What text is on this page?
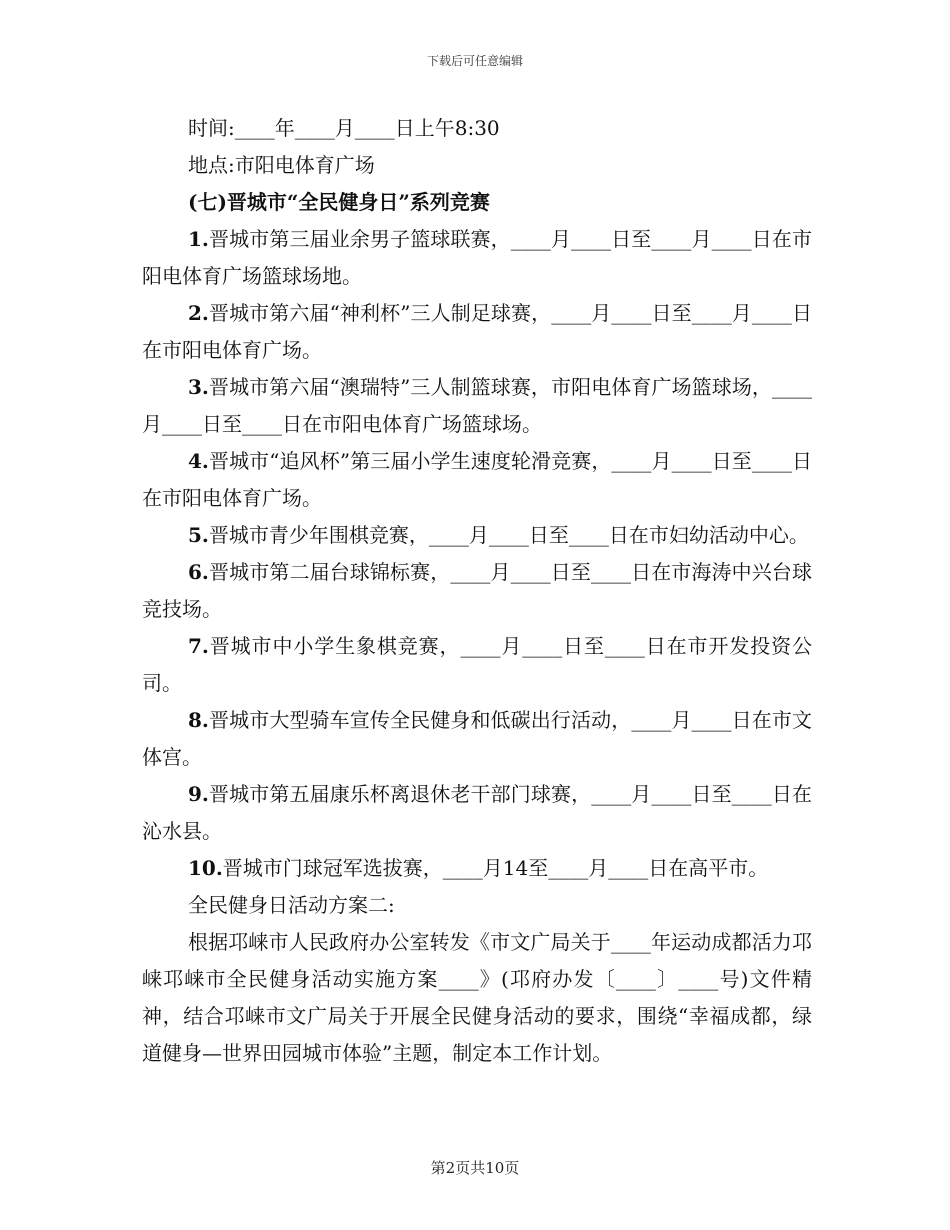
下载后可任意编辑

时间:____年____月____日上午8:30

地点:市阳电体育广场

(七)晋城市“全民健身日”系列竞赛

1.晋城市第三届业余男子篮球联赛，____月____日至____月____日在市阳电体育广场篮球场地。

2.晋城市第六届“神利杯”三人制足球赛，____月____日至____月____日在市阳电体育广场。

3.晋城市第六届“澳瑞特”三人制篮球赛，市阳电体育广场篮球场，____月____日至____日在市阳电体育广场篮球场。

4.晋城市“追风杯”第三届小学生速度轮滑竞赛，____月____日至____日在市阳电体育广场。

5.晋城市青少年围棋竞赛，____月____日至____日在市妇幼活动中心。

6.晋城市第二届台球锦标赛，____月____日至____日在市海涛中兴台球竞技场。

7.晋城市中小学生象棋竞赛，____月____日至____日在市开发投资公司。

8.晋城市大型骑车宣传全民健身和低碳出行活动，____月____日在市文体宫。

9.晋城市第五届康乐杯离退休老干部门球赛，____月____日至____日在沁水县。

10.晋城市门球冠军选拔赛，____月14至____月____日在高平市。

全民健身日活动方案二:

根据邛崃市人民政府办公室转发《市文广局关于____年运动成都活力邛崃邛崃市全民健身活动实施方案____》(邛府办发〔____〕____号)文件精神，结合邛崃市文广局关于开展全民健身活动的要求，围绕“幸福成都，绿道健身—世界田园城市体验”主题，制定本工作计划。

第2页共10页
